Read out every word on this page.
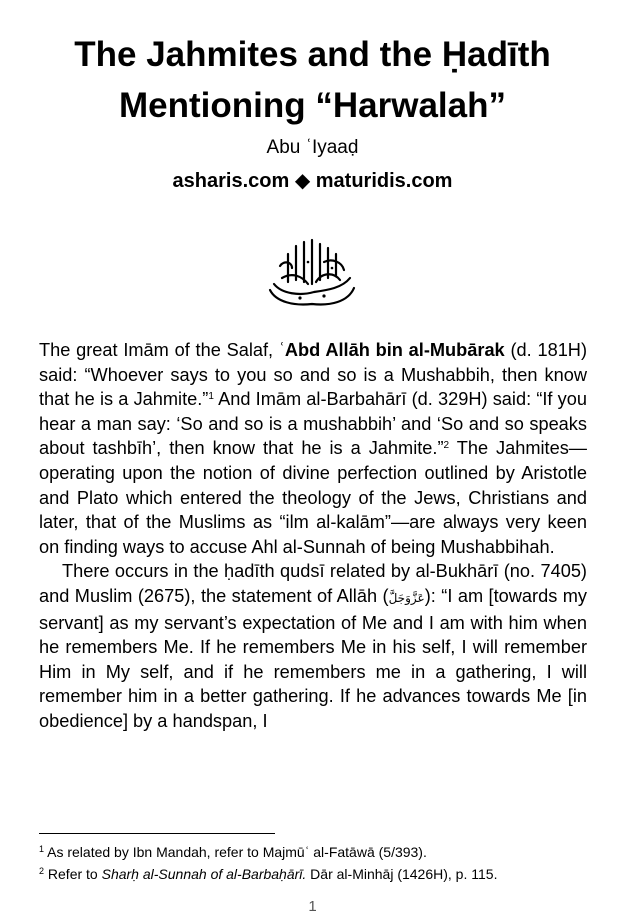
The Jahmites and the Ḥadīth Mentioning “Harwalah”

Abu ʿIyaaḍ

asharis.com ◆ maturidis.com

The great Imām of the Salaf, ʿAbd Allāh bin al-Mubārak (d. 181H) said: “Whoever says to you so and so is a Mushabbih, then know that he is a Jahmite.”$^1$ And Imām al-Barbahārī (d. 329H) said: “If you hear a man say: ‘So and so is a mushabbih’ and ‘So and so speaks about tashbīh’, then know that he is a Jahmite.”$^2$ The Jahmites—operating upon the notion of divine perfection outlined by Aristotle and Plato which entered the theology of the Jews, Christians and later, that of the Muslims as “ilm al-kalām”—are always very keen on finding ways to accuse Ahl al-Sunnah of being Mushabbihah.

There occurs in the ḥadīth qudsī related by al-Bukhārī (no. 7405) and Muslim (2675), the statement of Allāh (عَزَّوَجَلَّ): “I am [towards my servant] as my servant’s expectation of Me and I am with him when he remembers Me. If he remembers Me in his self, I will remember Him in My self, and if he remembers me in a gathering, I will remember him in a better gathering. If he advances towards Me [in obedience] by a handspan, I

$^1$ As related by Ibn Mandah, refer to Majmūʿ al-Fatāwā (5/393).

$^2$ Refer to Sharḥ al-Sunnah of al-Barbaḥārī. Dār al-Minhāj (1426H), p. 115.

1
